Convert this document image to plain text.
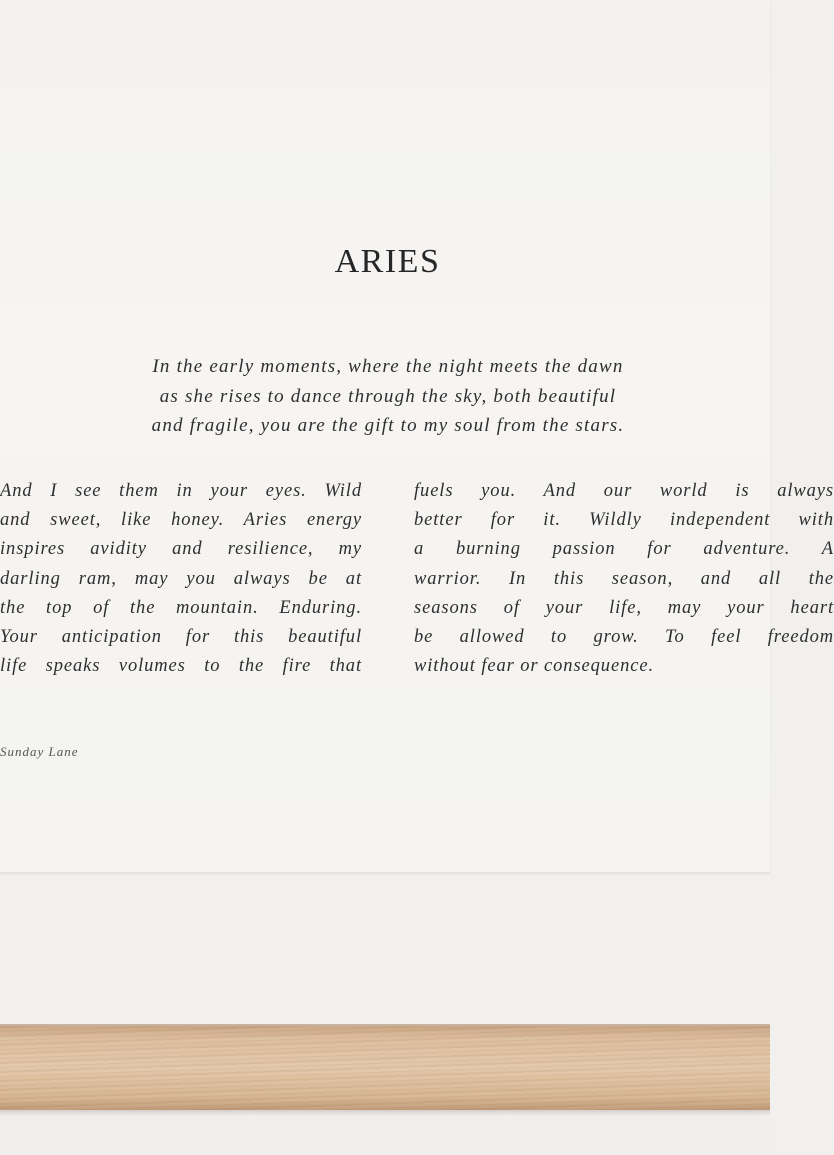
ARIES
In the early moments, where the night meets the dawn
as she rises to dance through the sky, both beautiful
and fragile, you are the gift to my soul from the stars.
And I see them in your eyes. Wild
and sweet, like honey. Aries energy
inspires avidity and resilience, my
darling ram, may you always be at
the top of the mountain. Enduring.
Your anticipation for this beautiful
life speaks volumes to the fire that
fuels you. And our world is always
better for it. Wildly independent with
a burning passion for adventure. A
warrior. In this season, and all the
seasons of your life, may your heart
be allowed to grow. To feel freedom
without fear or consequence.
Sunday Lane
